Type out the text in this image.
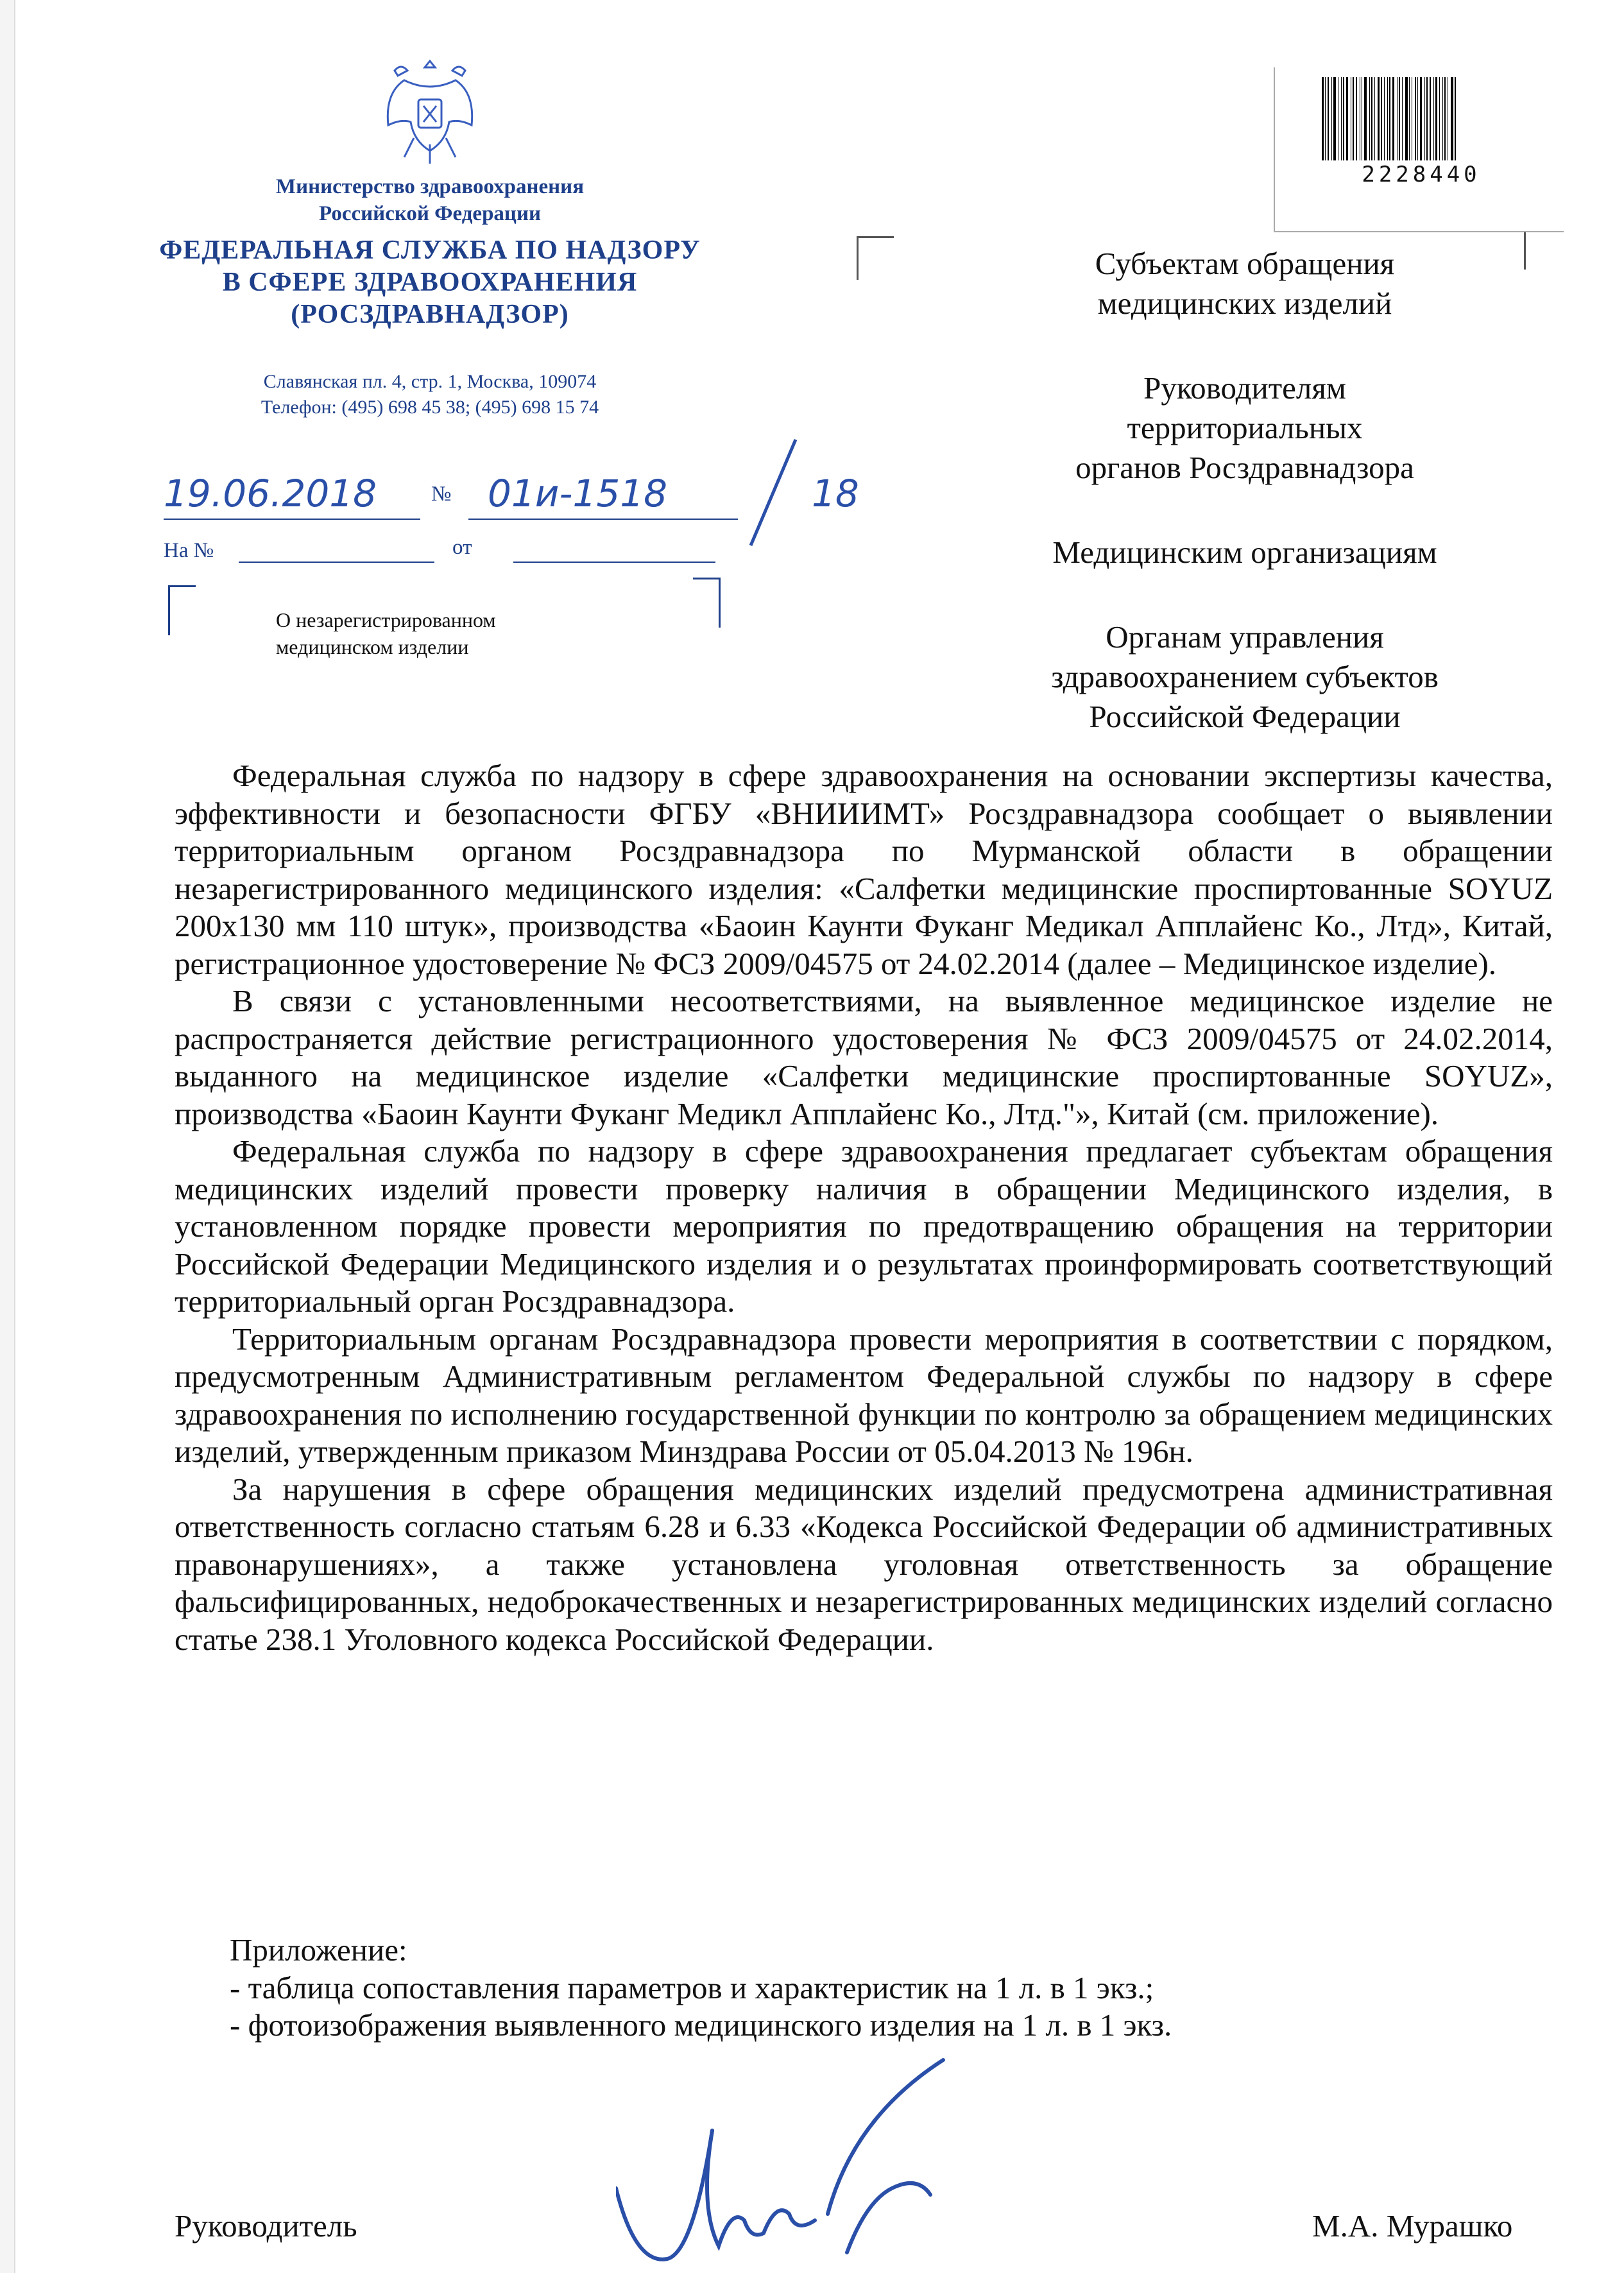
Министерство здравоохранения
Российской Федерации
ФЕДЕРАЛЬНАЯ СЛУЖБА ПО НАДЗОРУ
В СФЕРЕ ЗДРАВООХРАНЕНИЯ
(РОСЗДРАВНАДЗОР)
Славянская пл. 4, стр. 1, Москва, 109074
Телефон: (495) 698 45 38; (495) 698 15 74
19.06.2018	№ 01и-1518	18
На №	от
О незарегистрированном
медицинском изделии
2228440

Субъектам обращения
медицинских изделий

Руководителям
территориальных
органов Росздравнадзора

Медицинским организациям

Органам управления
здравоохранением субъектов
Российской Федерации

Федеральная служба по надзору в сфере здравоохранения на основании экспертизы качества, эффективности и безопасности ФГБУ «ВНИИИМТ» Росздравнадзора сообщает о выявлении территориальным органом Росздравнадзора по Мурманской области в обращении незарегистрированного медицинского изделия: «Салфетки медицинские проспиртованные SOYUZ 200х130 мм 110 штук», производства «Баоин Каунти Фуканг Медикал Апплайенс Ко., Лтд», Китай, регистрационное удостоверение № ФСЗ 2009/04575 от 24.02.2014 (далее – Медицинское изделие).

В связи с установленными несоответствиями, на выявленное медицинское изделие не распространяется действие регистрационного удостоверения № ФСЗ 2009/04575 от 24.02.2014, выданного на медицинское изделие «Салфетки медицинские проспиртованные SOYUZ», производства «Баоин Каунти Фуканг Медикл Апплайенс Ко., Лтд."», Китай (см. приложение).

Федеральная служба по надзору в сфере здравоохранения предлагает субъектам обращения медицинских изделий провести проверку наличия в обращении Медицинского изделия, в установленном порядке провести мероприятия по предотвращению обращения на территории Российской Федерации Медицинского изделия и о результатах проинформировать соответствующий территориальный орган Росздравнадзора.

Территориальным органам Росздравнадзора провести мероприятия в соответствии с порядком, предусмотренным Административным регламентом Федеральной службы по надзору в сфере здравоохранения по исполнению государственной функции по контролю за обращением медицинских изделий, утвержденным приказом Минздрава России от 05.04.2013 № 196н.

За нарушения в сфере обращения медицинских изделий предусмотрена административная ответственность согласно статьям 6.28 и 6.33 «Кодекса Российской Федерации об административных правонарушениях», а также установлена уголовная ответственность за обращение фальсифицированных, недоброкачественных и незарегистрированных медицинских изделий согласно статье 238.1 Уголовного кодекса Российской Федерации.

Приложение:
- таблица сопоставления параметров и характеристик на 1 л. в 1 экз.;
- фотоизображения выявленного медицинского изделия на 1 л. в 1 экз.
Руководитель	М.А. Мурашко
